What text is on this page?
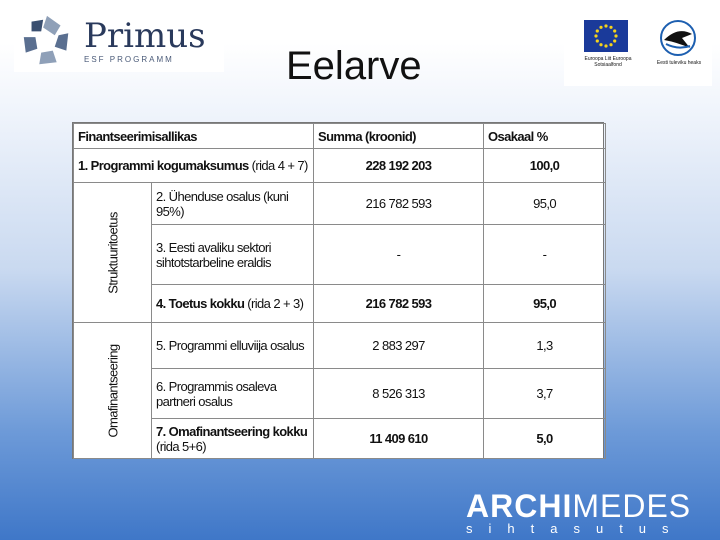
Primus
ESF PROGRAMM	Eelarve	Euroopa Liit Euroopa Sotsiaalfond	Eesti tuleviku heaks
Finantseerimisallikas		Summa (kroonid)	Osakaal %
1. Programmi kogumaksumus (rida 4 + 7)		228 192 203	100,0

Struktuuritoetus	2. Ühenduse osalus (kuni 95%)	216 782 593	95,0
	3. Eesti avaliku sektori sihtotstarbeline eraldis	-	-
	4. Toetus kokku (rida 2 + 3)	216 782 593	95,0

Omafinantseering	5. Programmi elluviija osalus	2 883 297	1,3
	6. Programmis osaleva partneri osalus	8 526 313	3,7
	7. Omafinantseering kokku (rida 5+6)	11 409 610	5,0
ARCHIMEDES
sihtasutus
